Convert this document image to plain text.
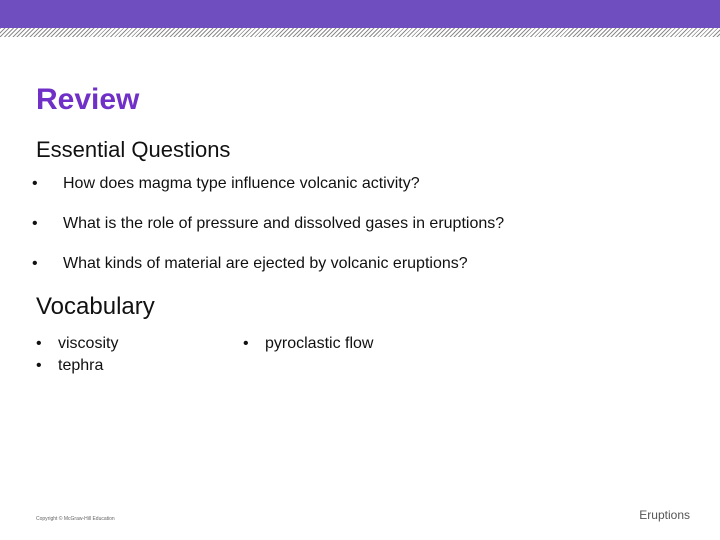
Review
Essential Questions
• How does magma type influence volcanic activity?
• What is the role of pressure and dissolved gases in eruptions?
• What kinds of material are ejected by volcanic eruptions?
Vocabulary
• viscosity
• tephra
• pyroclastic flow
Copyright © McGraw-Hill Education	Eruptions
